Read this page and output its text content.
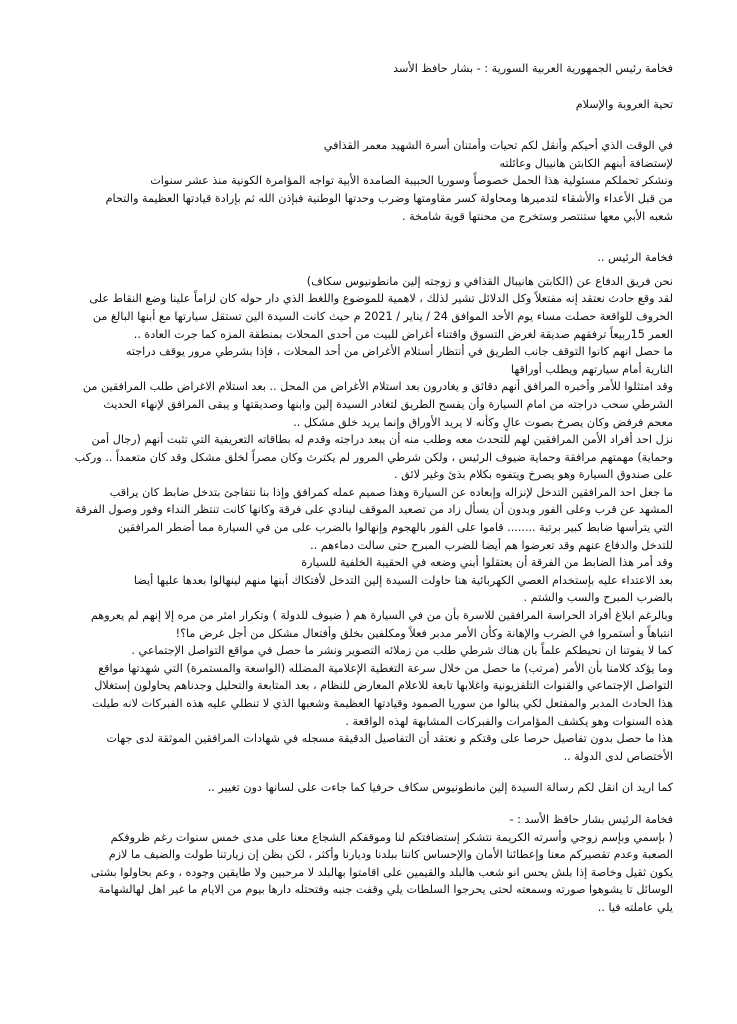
فخامة رئيس الجمهورية العربية السورية : - بشار حافظ الأسد
تحية العروبة والإسلام
في الوقت الذي أحيكم وأنقل لكم تحيات وأمتنان أسرة الشهيد معمر القذافي
لإستضافة أبنهم الكابتن هانيبال وعائلته
ونشكر تحملكم مسئولية هذا الحمل خصوصاً وسوريا الحبيبة الصامدة الأبية تواجه المؤامرة الكونية منذ عشر سنوات
من قبل الأعداء والأشقاء لتدميرها ومحاولة كسر مقاومتها وضرب وحدتها الوطنية فبإذن الله ثم بإرادة قيادتها العظيمة والتحام
شعبه الأبي معها ستنتصر وستخرج من محنتها قوية شامخة .
فخامة الرئيس ..
نحن فريق الدفاع عن (الكابتن هانيبال القذافي و زوجته إلين مانطونيوس سكاف)
لقد وقع حادث نعتقد إنه مفتعلاً وكل الدلائل تشير لذلك ، لاهمية للموضوع واللغط الذي دار حوله كان لزاماً علينا وضع النقاط على
الحروف للواقعة حصلت مساء يوم الأحد الموافق 24 / يناير / 2021 م حيث كانت السيدة الين تستقل سيارتها مع أبنها البالغ من
العمر 15ربيعاً ترفقهم صديقة لغرض التسوق واقتناء أغراض للبيت من أحدى المحلات بمنطقة المزه كما جرت العادة ..
ما حصل انهم كانوا التوقف جانب الطريق في أنتظار أستلام الأغراض من أحد المحلات ، فإذا بشرطي مرور يوقف دراجته
النارية أمام سيارتهم ويطلب أوراقها
وقد امتثلوا للأمر وأخبره المرافق أنهم دقائق و يغادرون بعد استلام الأغراض من المحل .. بعد استلام الاغراض طلب المرافقين من
الشرطي سحب دراجته من امام السيارة وأن يفسح الطريق لتغادر السيدة إلين وابنها وصديقتها و يبقى المرافق لإنهاء الحديث
معحم فرفض وكان يصرخ بصوت عالٍ وكأنه لا يريد الأوراق وإنما يريد خلق مشكل ..
نزل احد أفراد الأمن المرافقين لهم للتحدث معه وطلب منه أن يبعد دراجته وقدم له بطاقاته التعريفية التي تثبت أنهم (رجال أمن
وحماية) مهمتهم مرافقة وحماية ضيوف الرئيس ، ولكن شرطي المرور لم يكترث وكان مصراً لخلق مشكل وقد كان متعمداً .. وركب
على صندوق السيارة وهو يصرخ ويتفوه بكلام بذئ وغير لائق .
ما جعل احد المرافقين التدخل لإنزاله وإبعاده عن السيارة وهذا صميم عمله كمرافق وإذا بنا نتفاجئ بتدخل ضابط كان يراقب
المشهد عن قرب وعلى الفور وبدون أن يسأل زاد من تصعيد الموقف لينادي على فرقة وكانها كانت تنتظر النداء وفور وصول الفرقة
التي يترأسها ضابط كبير برتبة ........ قاموا على الفور بالهجوم وإنهالوا بالضرب على من في السيارة مما أضطر المرافقين
للتدخل والدفاع عنهم وقد تعرضوا هم أيضا للضرب المبرح حتى سالت دماءهم ..
وقد أمر هذا الضابط من الفرقة أن يعتقلوا أبني وضعه في الحقيبة الخلفية للسيارة
بعد الاعتداء عليه بإستخدام العصي الكهربائية هنا حاولت السيدة إلين التدخل لأفتكاك أبنها منهم لينهالوا بعدها عليها أيضا
بالضرب المبرح والسب والشتم .
وبالرغم ابلاغ أفراد الحراسة المرافقين للاسرة بأن من في السيارة هم ( ضيوف للدولة ) وتكرار امثر من مره إلا إنهم لم يعروهم
انتباهاً و أستمروا في الضرب والإهانة وكأن الأمر مدبر فعلاً ومكلفين بخلق وأفتعال مشكل من أجل غرض ما؟!
كما لا يفوتنا ان نحيطكم علماً بان هناك شرطي طلب من زملائه التصوير ونشر ما حصل في مواقع التواصل الإجتماعي .
وما يؤكد كلامنا بأن الأمر (مرتب) ما حصل من خلال سرعة التغطية الإعلامية المضلله (الواسعة والمستمرة) التي شهدتها مواقع
التواصل الإجتماعي والقنوات التلفزيونية واغلابها تابعة للاعلام المعارض للنظام ، بعد المتابعة والتحليل وجدناهم يحاولون إستغلال
هذا الحادث المدبر والمفتعل لكي ينالوا من سوريا الصمود وقيادتها العظيمة وشعبها الذي لا تنطلي عليه هذه الفبركات لانه طيلت
هذه السنوات وهو يكشف المؤامرات والفبركات المشابهة لهذه الواقعة .
هذا ما حصل بدون تفاصيل حرصا على وقتكم و نعتقد أن التفاصيل الدقيقة مسجله في شهادات المرافقين الموثقة لدى جهات
الأختصاص لدى الدولة ..
كما اريد ان انقل لكم رسالة السيدة إلين مانطونيوس سكاف حرفيا كما جاءت على لسانها دون تغيير ..
فخامة الرئيس بشار حافظ الأسد : -
( بإسمي وبإسم زوجي وأسرته الكريمة نتشكر إستضافتكم لنا وموقفكم الشجاع معنا على مدى خمس سنوات رغم ظروفكم
الصعبة وعدم تقصيركم معنا وإعطائنا الأمان والإحساس كاننا ببلدنا وديارنا وأكثر ، لكن بظن إن زيارتنا طولت والضيف ما لازم
يكون ثقيل وخاصة إذا بلش يحس انو شعب هالبلد والقيمين على اقامتوا بهالبلد لا مرحبين ولا طايقين وجوده ، وعم بحاولوا بشتى
الوسائل تا يشوهوا صورته وسمعته لحتى يحرجوا السلطات يلي وقفت جنبه وفتحتله دارها بيوم من الايام ما غير اهل لهالشهامة
يلي عاملته فيا ..
